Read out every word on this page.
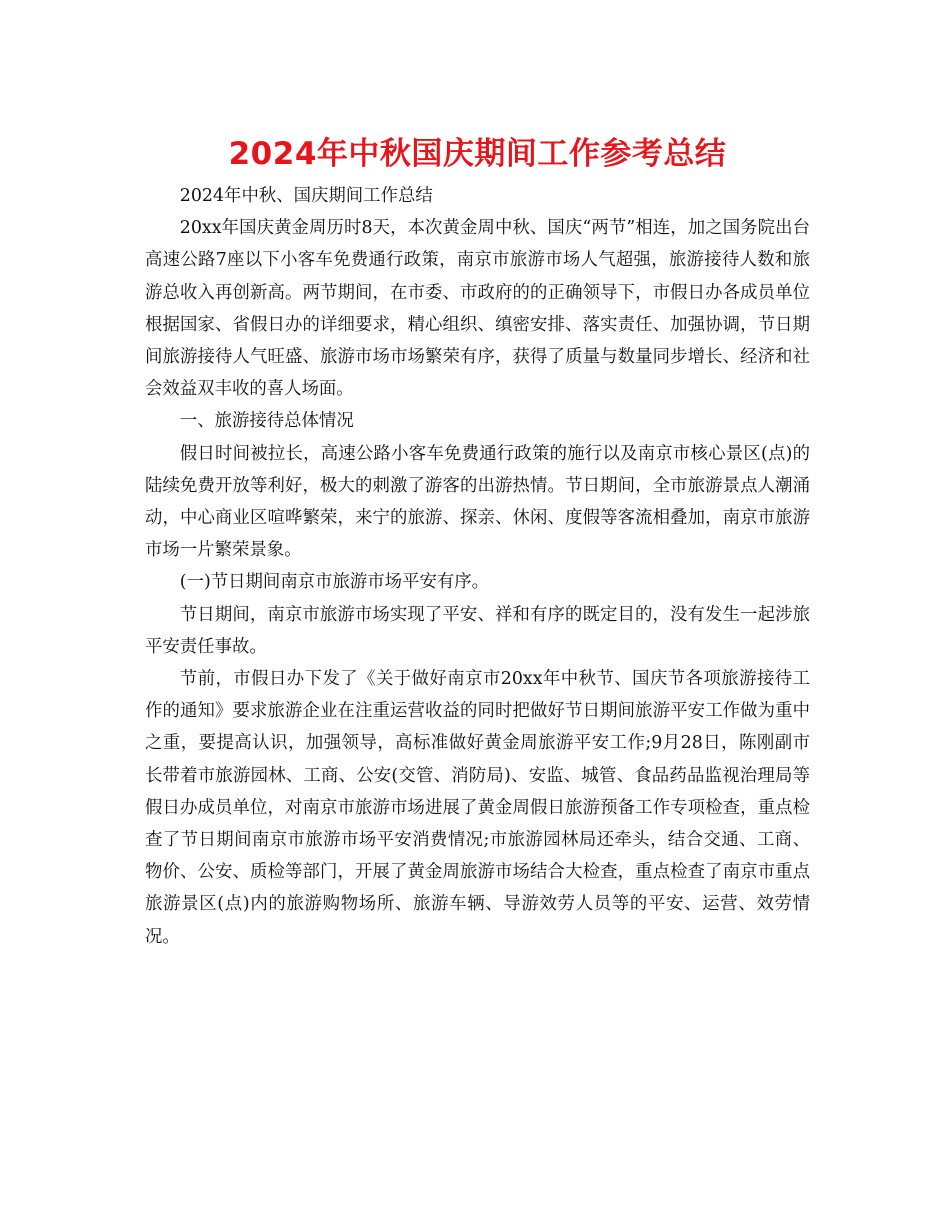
2024年中秋国庆期间工作参考总结

2024年中秋、国庆期间工作总结

20xx年国庆黄金周历时8天，本次黄金周中秋、国庆“两节”相连，加之国务院出台高速公路7座以下小客车免费通行政策，南京市旅游市场人气超强，旅游接待人数和旅游总收入再创新高。两节期间，在市委、市政府的的正确领导下，市假日办各成员单位根据国家、省假日办的详细要求，精心组织、缜密安排、落实责任、加强协调，节日期间旅游接待人气旺盛、旅游市场市场繁荣有序，获得了质量与数量同步增长、经济和社会效益双丰收的喜人场面。

一、旅游接待总体情况

假日时间被拉长，高速公路小客车免费通行政策的施行以及南京市核心景区(点)的陆续免费开放等利好，极大的刺激了游客的出游热情。节日期间，全市旅游景点人潮涌动，中心商业区喧哗繁荣，来宁的旅游、探亲、休闲、度假等客流相叠加，南京市旅游市场一片繁荣景象。

(一)节日期间南京市旅游市场平安有序。

节日期间，南京市旅游市场实现了平安、祥和有序的既定目的，没有发生一起涉旅平安责任事故。

节前，市假日办下发了《关于做好南京市20xx年中秋节、国庆节各项旅游接待工作的通知》要求旅游企业在注重运营收益的同时把做好节日期间旅游平安工作做为重中之重，要提高认识，加强领导，高标准做好黄金周旅游平安工作;9月28日，陈刚副市长带着市旅游园林、工商、公安(交管、消防局)、安监、城管、食品药品监视治理局等假日办成员单位，对南京市旅游市场进展了黄金周假日旅游预备工作专项检查，重点检查了节日期间南京市旅游市场平安消费情况;市旅游园林局还牵头，结合交通、工商、物价、公安、质检等部门，开展了黄金周旅游市场结合大检查，重点检查了南京市重点旅游景区(点)内的旅游购物场所、旅游车辆、导游效劳人员等的平安、运营、效劳情况。
